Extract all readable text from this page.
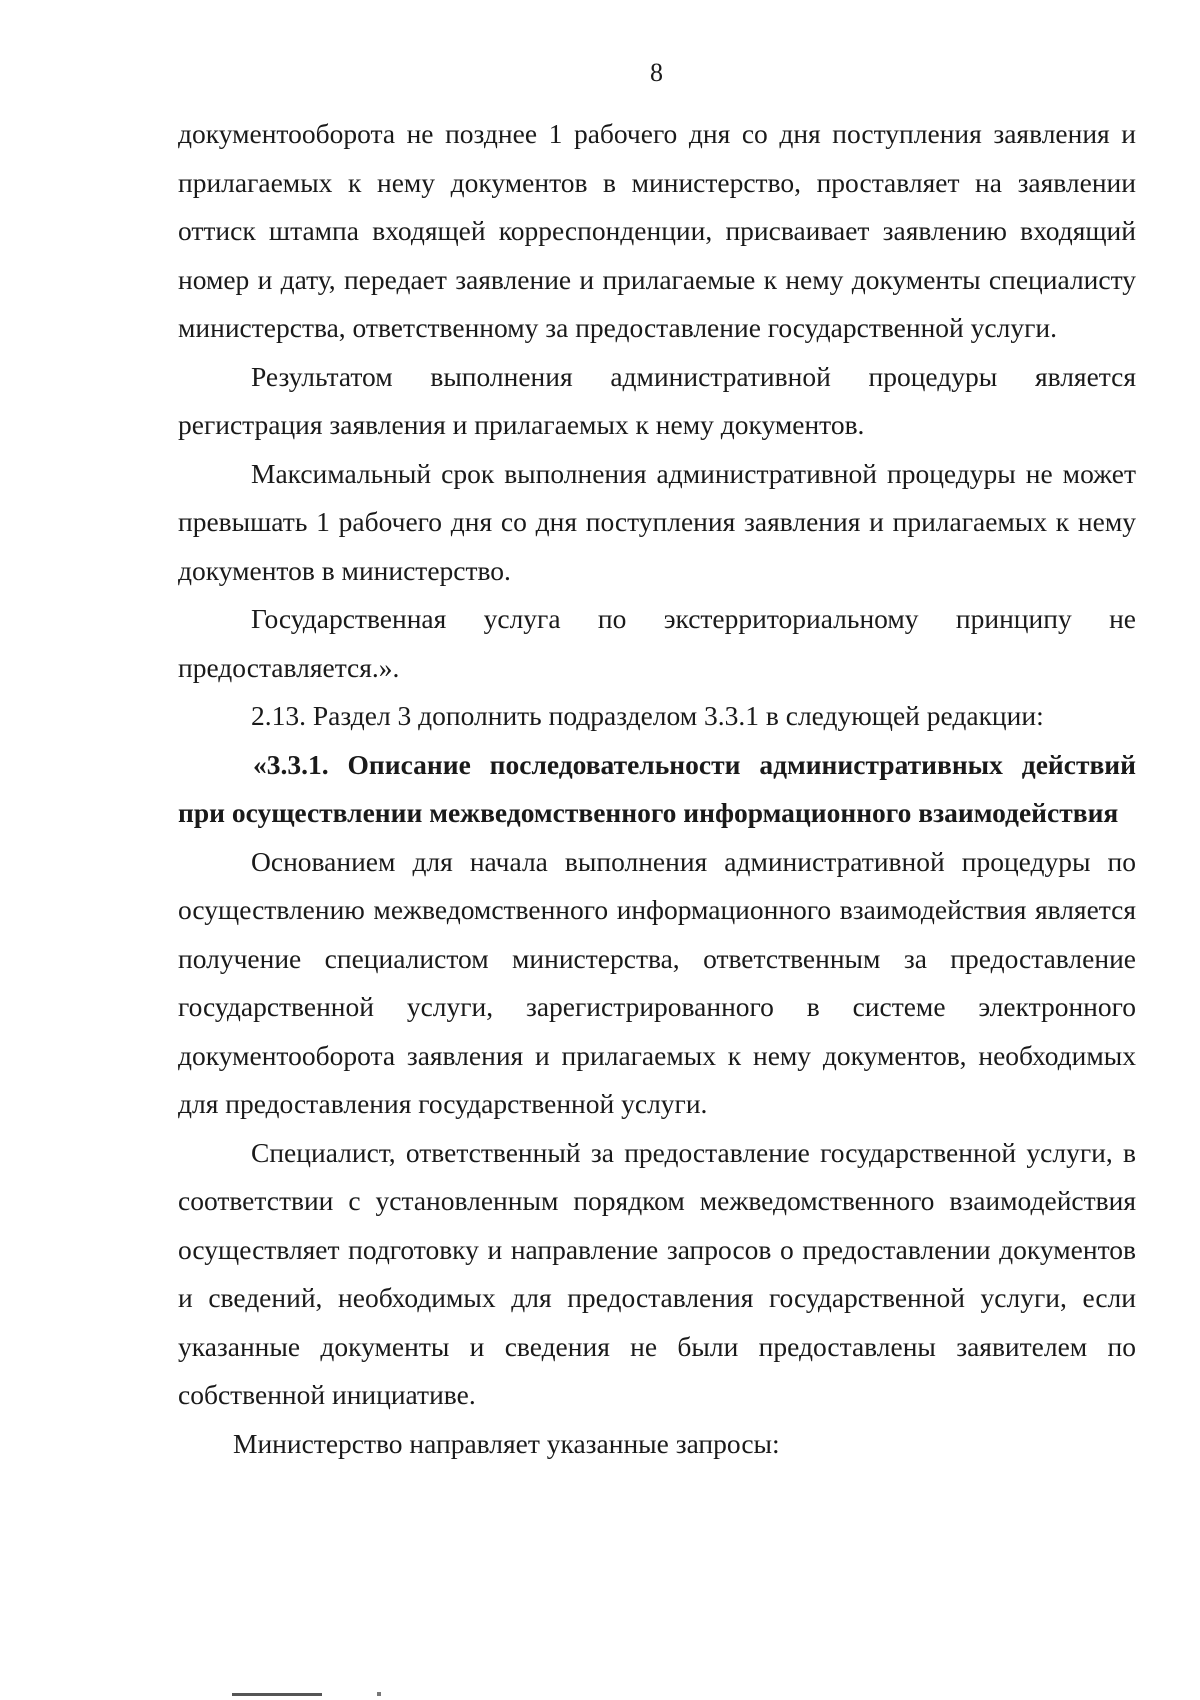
8

документооборота не позднее 1 рабочего дня со дня поступления заявления и прилагаемых к нему документов в министерство, проставляет на заявлении оттиск штампа входящей корреспонденции, присваивает заявлению входящий номер и дату, передает заявление и прилагаемые к нему документы специалисту министерства, ответственному за предоставление государственной услуги.

Результатом выполнения административной процедуры является регистрация заявления и прилагаемых к нему документов.

Максимальный срок выполнения административной процедуры не может превышать 1 рабочего дня со дня поступления заявления и прилагаемых к нему документов в министерство.

Государственная услуга по экстерриториальному принципу не предоставляется.».

2.13. Раздел 3 дополнить подразделом 3.3.1 в следующей редакции:

«3.3.1. Описание последовательности административных действий при осуществлении межведомственного информационного взаимодействия

Основанием для начала выполнения административной процедуры по осуществлению межведомственного информационного взаимодействия является получение специалистом министерства, ответственным за предоставление государственной услуги, зарегистрированного в системе электронного документооборота заявления и прилагаемых к нему документов, необходимых для предоставления государственной услуги.

Специалист, ответственный за предоставление государственной услуги, в соответствии с установленным порядком межведомственного взаимодействия осуществляет подготовку и направление запросов о предоставлении документов и сведений, необходимых для предоставления государственной услуги, если указанные документы и сведения не были предоставлены заявителем по собственной инициативе.

Министерство направляет указанные запросы:
